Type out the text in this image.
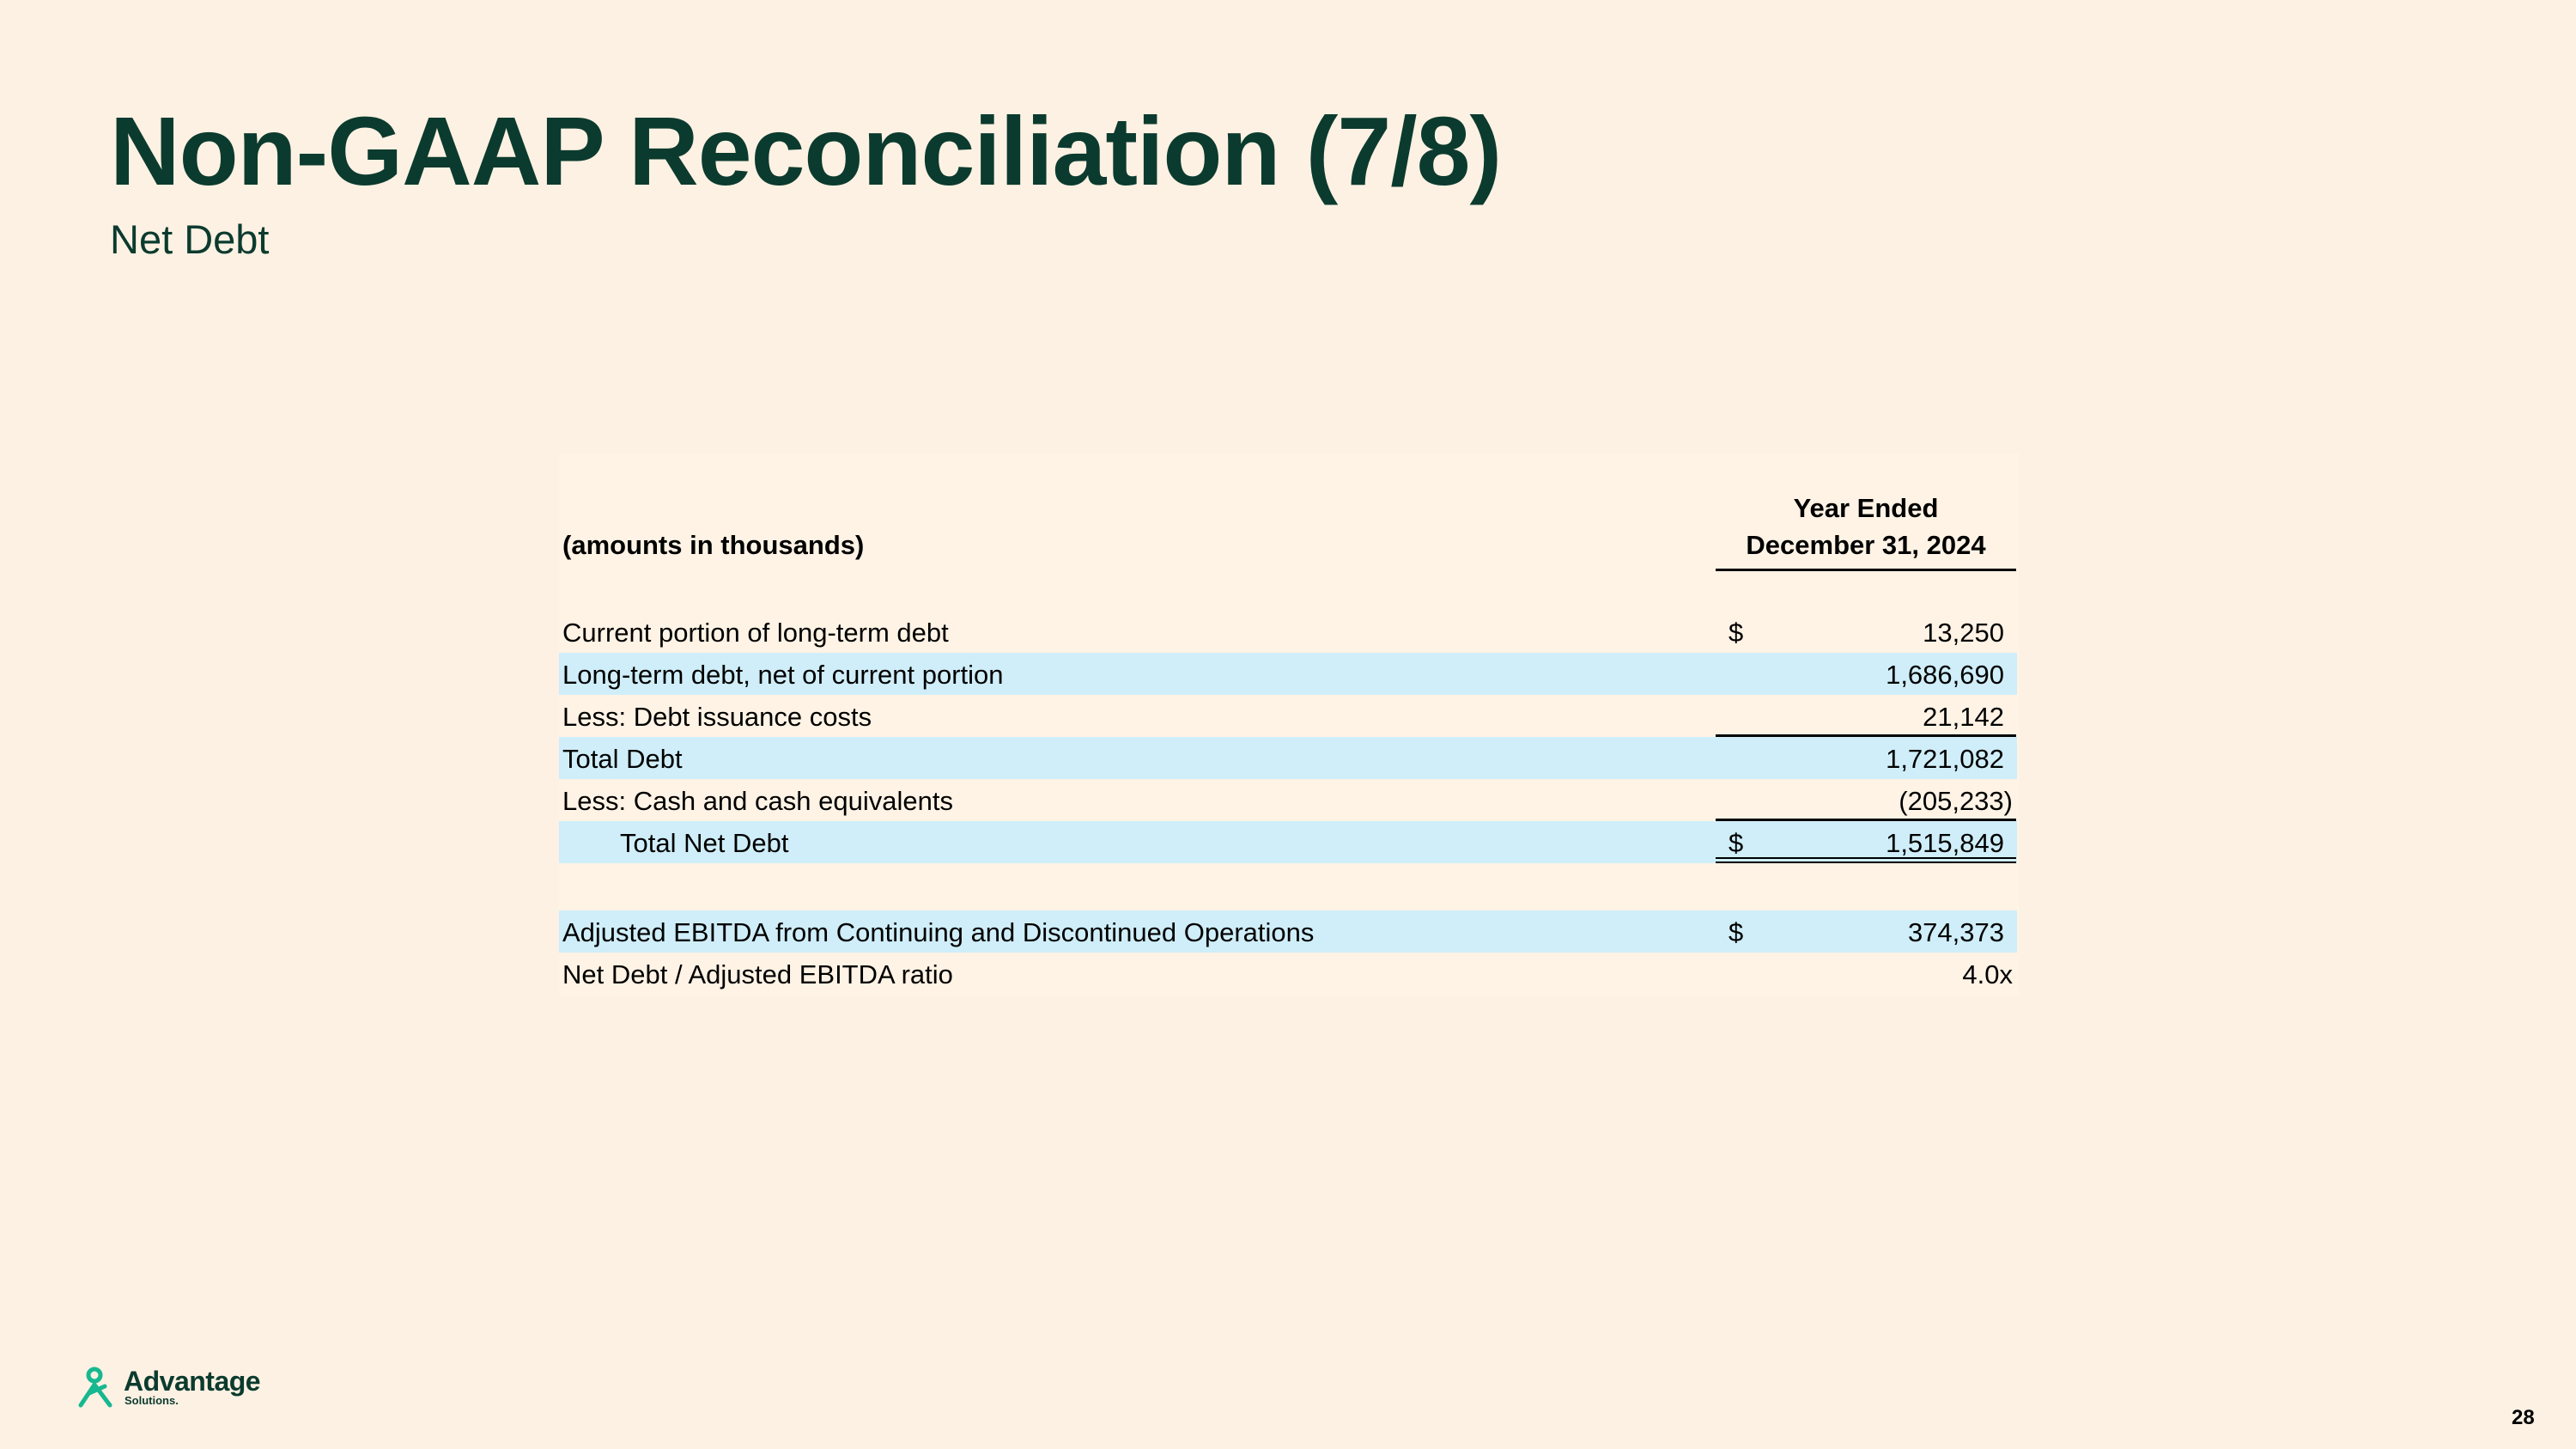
Non-GAAP Reconciliation (7/8)
Net Debt
(amounts in thousands)
Year Ended
December 31, 2024
Current portion of long-term debt	$	13,250
Long-term debt, net of current portion	1,686,690
Less: Debt issuance costs	21,142
Total Debt	1,721,082
Less: Cash and cash equivalents	(205,233)
Total Net Debt	$	1,515,849
Adjusted EBITDA from Continuing and Discontinued Operations	$	374,373
Net Debt / Adjusted EBITDA ratio	4.0x
Advantage
Solutions.
28
